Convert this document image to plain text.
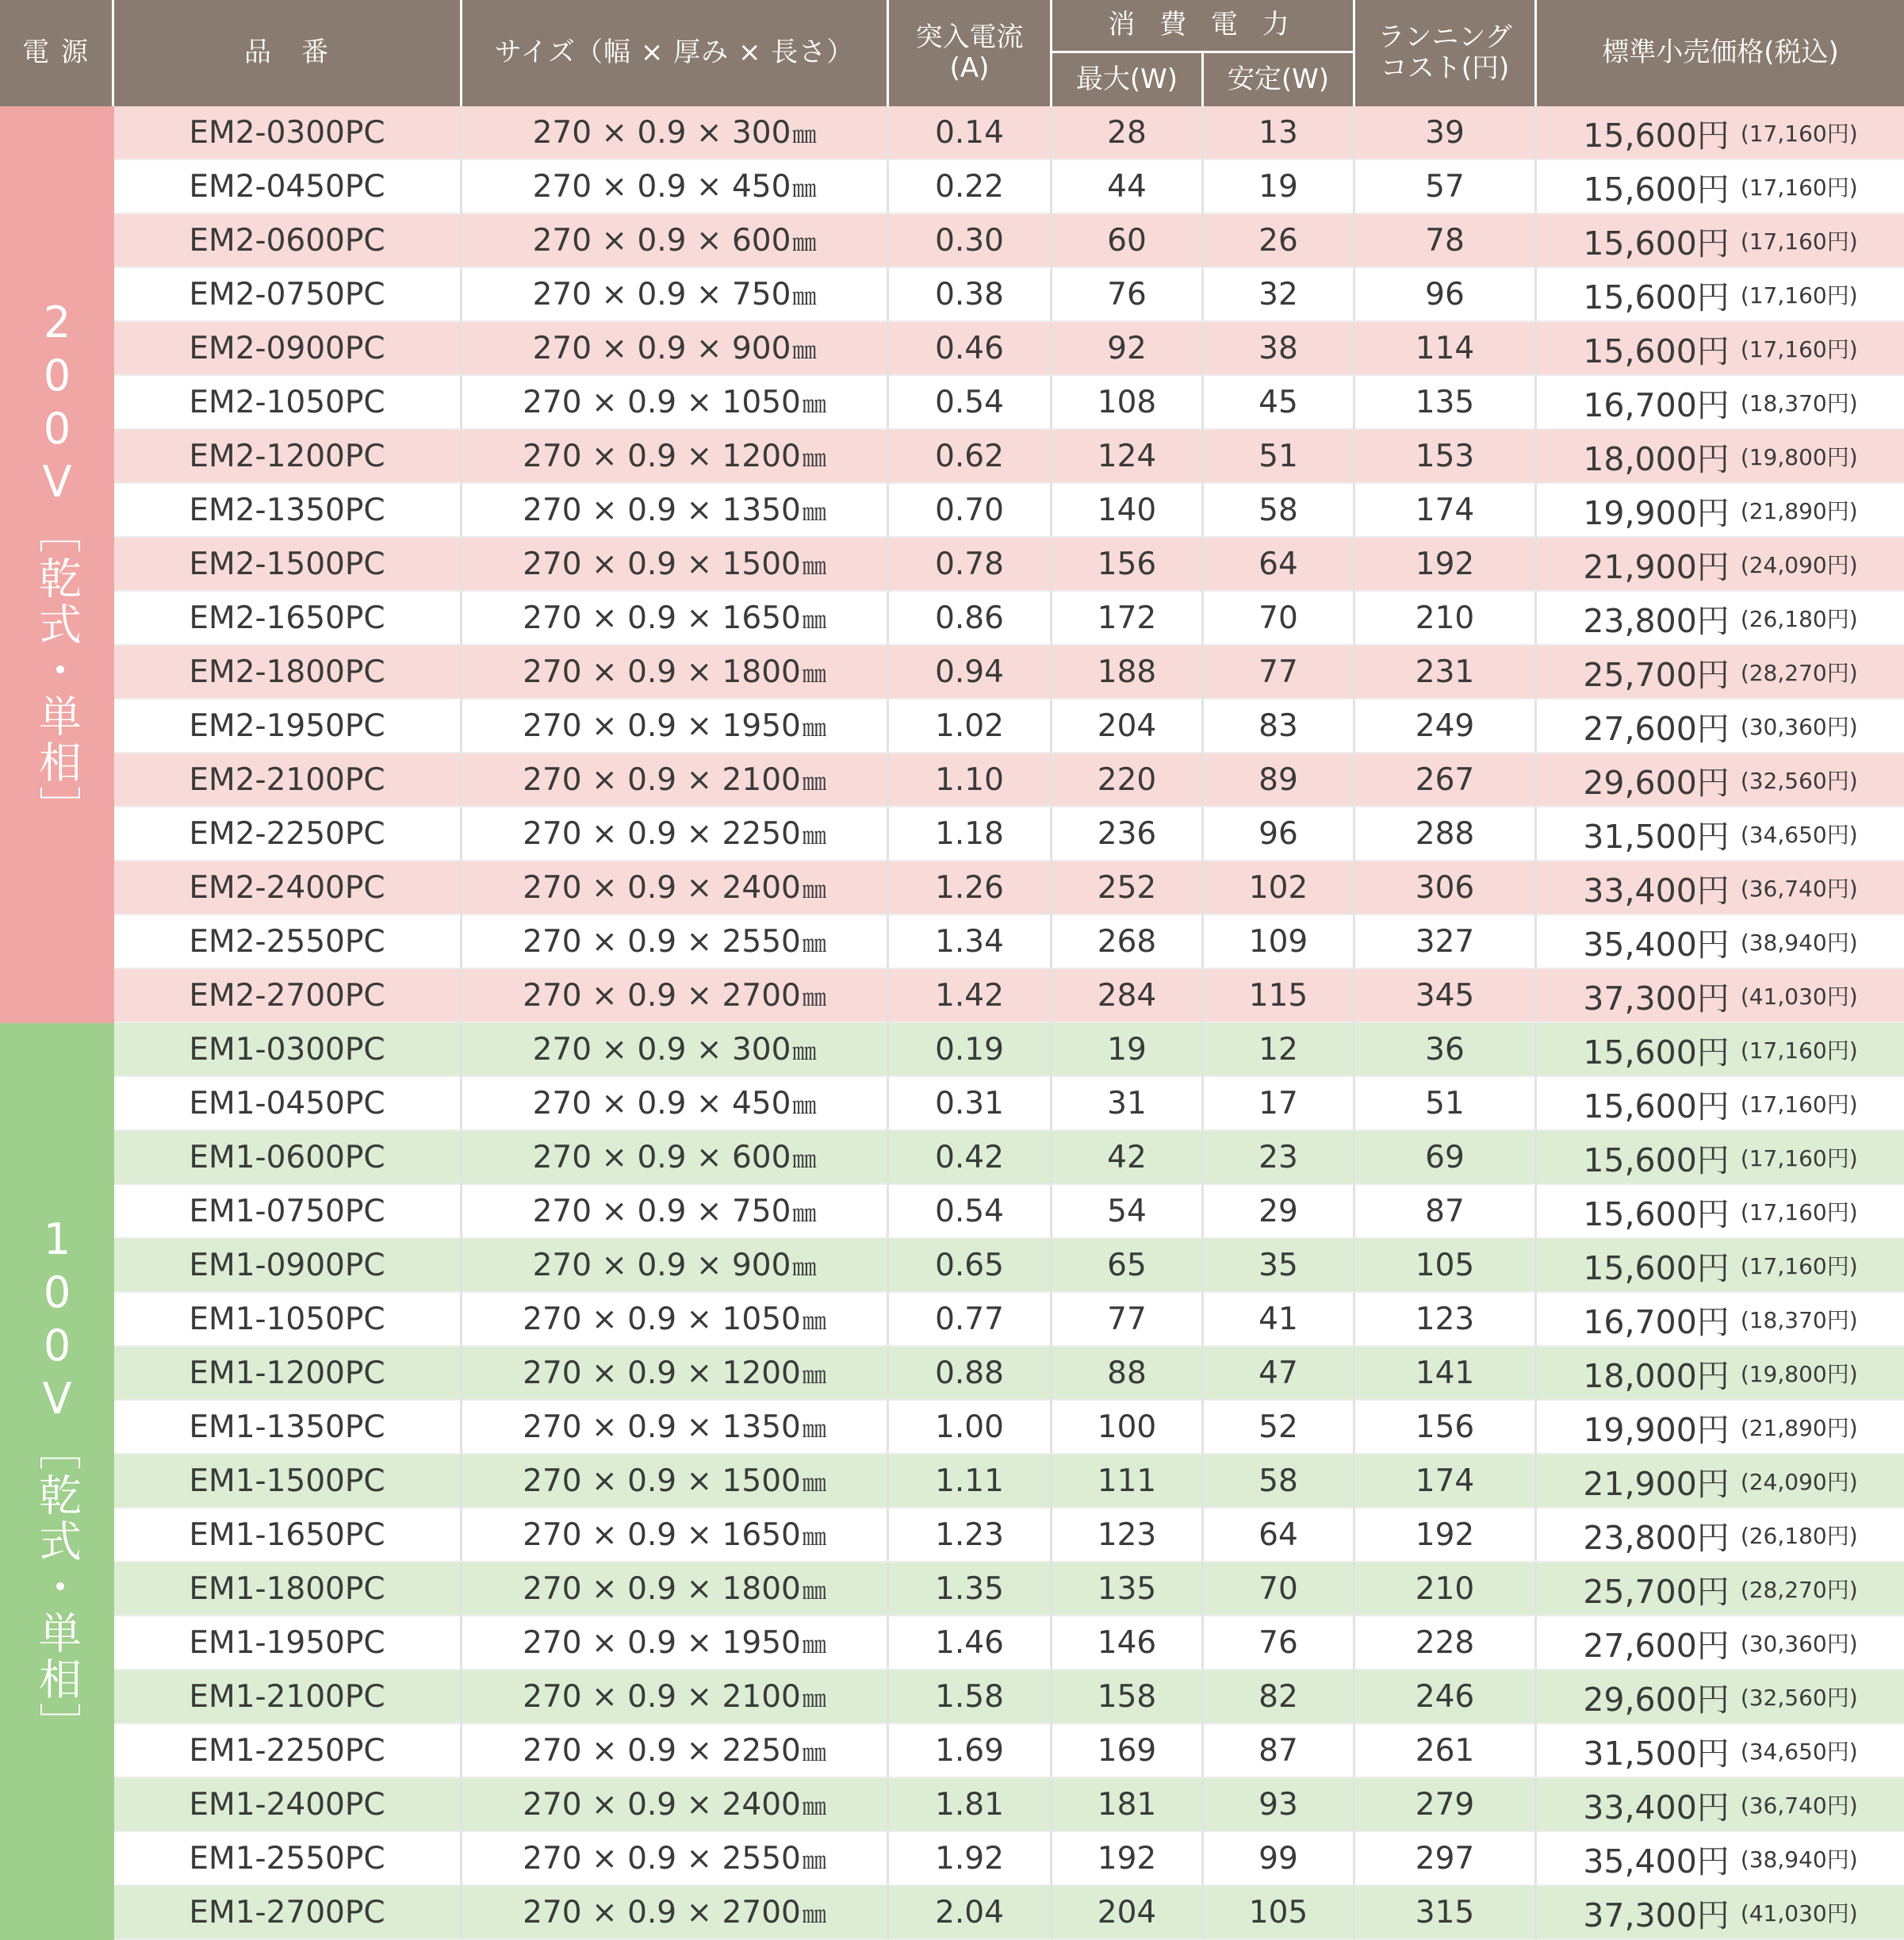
電 源	品　番	サイズ（幅 × 厚み × 長さ）	突入電流
(A)
消 費 電 力
最大(W)	安定(W)
ランニング
コスト(円)	標準小売価格(税込)
200V［乾式・単相］
100V［乾式・単相］
EM2-0300PC	270 × 0.9 × 300 ㎜	0.14	28	13	39	15,600円 (17,160円)
EM2-0450PC	270 × 0.9 × 450 ㎜	0.22	44	19	57	15,600円 (17,160円)
EM2-0600PC	270 × 0.9 × 600 ㎜	0.30	60	26	78	15,600円 (17,160円)
EM2-0750PC	270 × 0.9 × 750 ㎜	0.38	76	32	96	15,600円 (17,160円)
EM2-0900PC	270 × 0.9 × 900 ㎜	0.46	92	38	114	15,600円 (17,160円)
EM2-1050PC	270 × 0.9 × 1050 ㎜	0.54	108	45	135	16,700円 (18,370円)
EM2-1200PC	270 × 0.9 × 1200 ㎜	0.62	124	51	153	18,000円 (19,800円)
EM2-1350PC	270 × 0.9 × 1350 ㎜	0.70	140	58	174	19,900円 (21,890円)
EM2-1500PC	270 × 0.9 × 1500 ㎜	0.78	156	64	192	21,900円 (24,090円)
EM2-1650PC	270 × 0.9 × 1650 ㎜	0.86	172	70	210	23,800円 (26,180円)
EM2-1800PC	270 × 0.9 × 1800 ㎜	0.94	188	77	231	25,700円 (28,270円)
EM2-1950PC	270 × 0.9 × 1950 ㎜	1.02	204	83	249	27,600円 (30,360円)
EM2-2100PC	270 × 0.9 × 2100 ㎜	1.10	220	89	267	29,600円 (32,560円)
EM2-2250PC	270 × 0.9 × 2250 ㎜	1.18	236	96	288	31,500円 (34,650円)
EM2-2400PC	270 × 0.9 × 2400 ㎜	1.26	252	102	306	33,400円 (36,740円)
EM2-2550PC	270 × 0.9 × 2550 ㎜	1.34	268	109	327	35,400円 (38,940円)
EM2-2700PC	270 × 0.9 × 2700 ㎜	1.42	284	115	345	37,300円 (41,030円)
EM1-0300PC	270 × 0.9 × 300 ㎜	0.19	19	12	36	15,600円 (17,160円)
EM1-0450PC	270 × 0.9 × 450 ㎜	0.31	31	17	51	15,600円 (17,160円)
EM1-0600PC	270 × 0.9 × 600 ㎜	0.42	42	23	69	15,600円 (17,160円)
EM1-0750PC	270 × 0.9 × 750 ㎜	0.54	54	29	87	15,600円 (17,160円)
EM1-0900PC	270 × 0.9 × 900 ㎜	0.65	65	35	105	15,600円 (17,160円)
EM1-1050PC	270 × 0.9 × 1050 ㎜	0.77	77	41	123	16,700円 (18,370円)
EM1-1200PC	270 × 0.9 × 1200 ㎜	0.88	88	47	141	18,000円 (19,800円)
EM1-1350PC	270 × 0.9 × 1350 ㎜	1.00	100	52	156	19,900円 (21,890円)
EM1-1500PC	270 × 0.9 × 1500 ㎜	1.11	111	58	174	21,900円 (24,090円)
EM1-1650PC	270 × 0.9 × 1650 ㎜	1.23	123	64	192	23,800円 (26,180円)
EM1-1800PC	270 × 0.9 × 1800 ㎜	1.35	135	70	210	25,700円 (28,270円)
EM1-1950PC	270 × 0.9 × 1950 ㎜	1.46	146	76	228	27,600円 (30,360円)
EM1-2100PC	270 × 0.9 × 2100 ㎜	1.58	158	82	246	29,600円 (32,560円)
EM1-2250PC	270 × 0.9 × 2250 ㎜	1.69	169	87	261	31,500円 (34,650円)
EM1-2400PC	270 × 0.9 × 2400 ㎜	1.81	181	93	279	33,400円 (36,740円)
EM1-2550PC	270 × 0.9 × 2550 ㎜	1.92	192	99	297	35,400円 (38,940円)
EM1-2700PC	270 × 0.9 × 2700 ㎜	2.04	204	105	315	37,300円 (41,030円)
